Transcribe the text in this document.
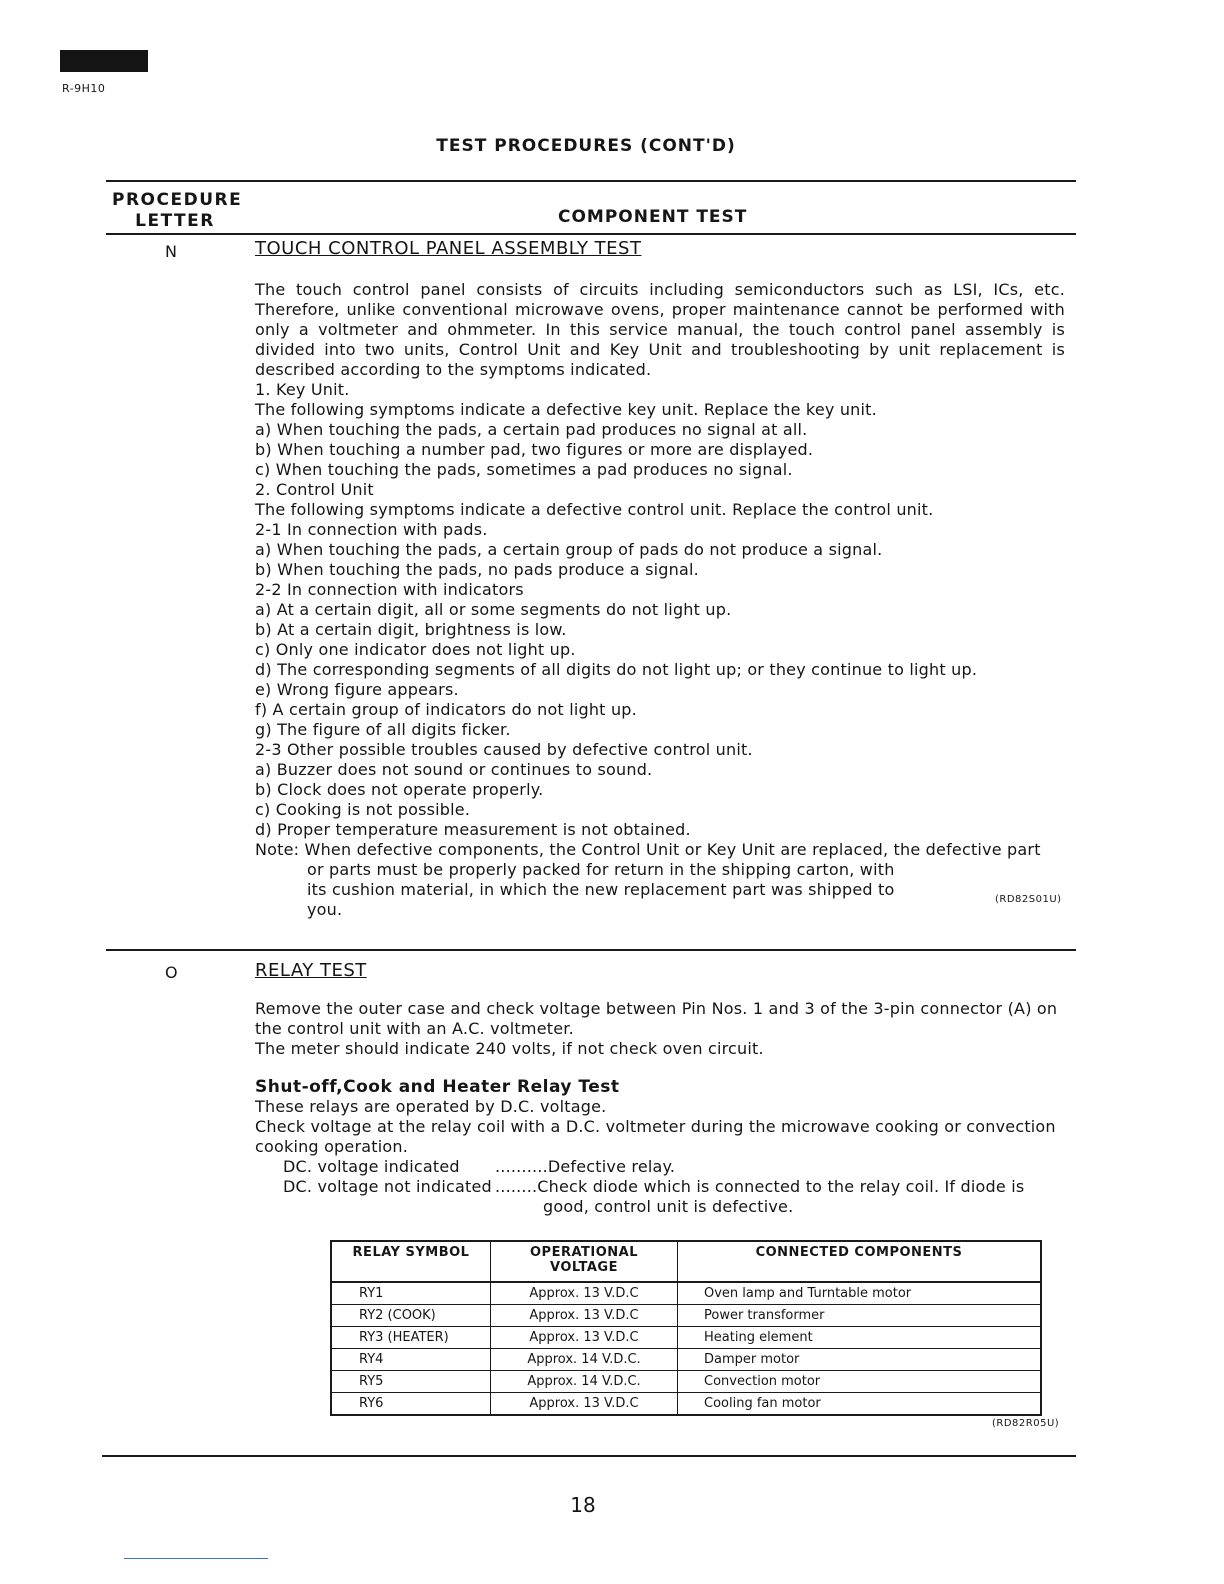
R-9H10
TEST PROCEDURES (CONT'D)
PROCEDURE
LETTER	COMPONENT TEST
N	TOUCH CONTROL PANEL ASSEMBLY TEST

The touch control panel consists of circuits including semiconductors such as LSI, ICs, etc. Therefore, unlike conventional microwave ovens, proper maintenance cannot be performed with only a voltmeter and ohmmeter. In this service manual, the touch control panel assembly is divided into two units, Control Unit and Key Unit and troubleshooting by unit replacement is described according to the symptoms indicated.

1. Key Unit.

The following symptoms indicate a defective key unit. Replace the key unit.

a) When touching the pads, a certain pad produces no signal at all.

b) When touching a number pad, two figures or more are displayed.

c) When touching the pads, sometimes a pad produces no signal.

2. Control Unit

The following symptoms indicate a defective control unit. Replace the control unit.

2-1 In connection with pads.

a) When touching the pads, a certain group of pads do not produce a signal.

b) When touching the pads, no pads produce a signal.

2-2 In connection with indicators

a) At a certain digit, all or some segments do not light up.

b) At a certain digit, brightness is low.

c) Only one indicator does not light up.

d) The corresponding segments of all digits do not light up; or they continue to light up.

e) Wrong figure appears.

f) A certain group of indicators do not light up.

g) The figure of all digits ficker.

2-3 Other possible troubles caused by defective control unit.

a) Buzzer does not sound or continues to sound.

b) Clock does not operate properly.

c) Cooking is not possible.

d) Proper temperature measurement is not obtained.

Note: When defective components, the Control Unit or Key Unit are replaced, the defective part

or parts must be properly packed for return in the shipping carton, with its cushion material, in which the new replacement part was shipped to you.

(RD82S01U)
O	RELAY TEST

Remove the outer case and check voltage between Pin Nos. 1 and 3 of the 3-pin connector (A) on the control unit with an A.C. voltmeter.

The meter should indicate 240 volts, if not check oven circuit.

Shut-off,Cook and Heater Relay Test

These relays are operated by D.C. voltage.

Check voltage at the relay coil with a D.C. voltmeter during the microwave cooking or convection cooking operation.

DC. voltage indicated ..........Defective relay.
DC. voltage not indicated ........Check diode which is connected to the relay coil. If diode is

good, control unit is defective.

RELAY SYMBOL	OPERATIONAL VOLTAGE	CONNECTED COMPONENTS
RY1	Approx. 13 V.D.C	Oven lamp and Turntable motor
RY2 (COOK)	Approx. 13 V.D.C	Power transformer
RY3 (HEATER)	Approx. 13 V.D.C	Heating element
RY4	Approx. 14 V.D.C.	Damper motor
RY5	Approx. 14 V.D.C.	Convection motor
RY6	Approx. 13 V.D.C	Cooling fan motor
(RD82R05U)
18
